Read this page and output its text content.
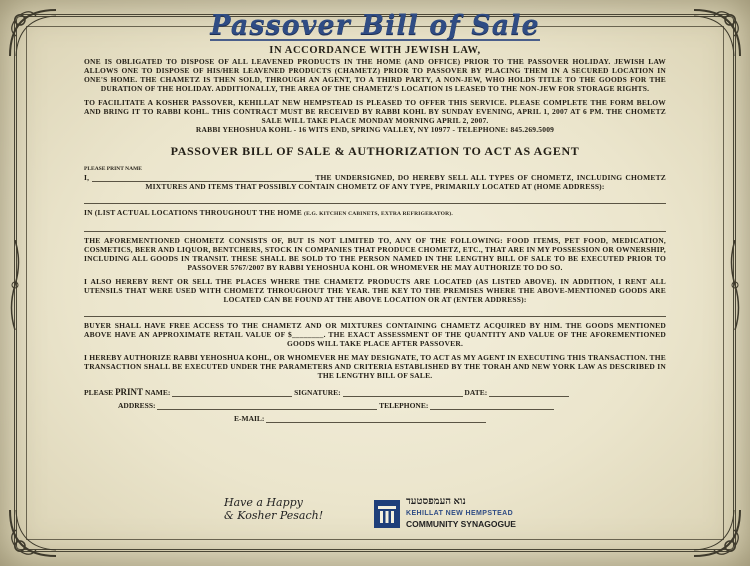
Passover Bill of Sale

IN ACCORDANCE WITH JEWISH LAW,

ONE IS OBLIGATED TO DISPOSE OF ALL LEAVENED PRODUCTS IN THE HOME (AND OFFICE) PRIOR TO THE PASSOVER HOLIDAY. JEWISH LAW ALLOWS ONE TO DISPOSE OF HIS/HER LEAVENED PRODUCTS (CHAMETZ) PRIOR TO PASSOVER BY PLACING THEM IN A SECURED LOCATION IN ONE'S HOME. THE CHAMETZ IS THEN SOLD, THROUGH AN AGENT, TO A THIRD PARTY, A NON-JEW, WHO HOLDS TITLE TO THE GOODS FOR THE DURATION OF THE HOLIDAY. ADDITIONALLY, THE AREA OF THE CHAMETZ'S LOCATION IS LEASED TO THE NON-JEW FOR STORAGE RIGHTS.

TO FACILITATE A KOSHER PASSOVER, KEHILLAT NEW HEMPSTEAD IS PLEASED TO OFFER THIS SERVICE. PLEASE COMPLETE THE FORM BELOW AND BRING IT TO RABBI KOHL. THIS CONTRACT MUST BE RECEIVED BY RABBI KOHL BY SUNDAY EVENING, APRIL 1, 2007 AT 6 PM. THE CHOMETZ SALE WILL TAKE PLACE MONDAY MORNING APRIL 2, 2007.

RABBI YEHOSHUA KOHL - 16 WITS END, SPRING VALLEY, NY 10977 - TELEPHONE: 845.269.5009

PASSOVER BILL OF SALE & AUTHORIZATION TO ACT AS AGENT

PLEASE PRINT NAME

I,	THE UNDERSIGNED, DO HEREBY SELL ALL TYPES OF CHOMETZ, INCLUDING CHOMETZ MIXTURES AND ITEMS THAT POSSIBLY CONTAIN CHOMETZ OF ANY TYPE, PRIMARILY LOCATED AT (HOME ADDRESS):

IN (LIST ACTUAL LOCATIONS THROUGHOUT THE HOME (E.G. KITCHEN CABINETS, EXTRA REFRIGERATOR).

THE AFOREMENTIONED CHOMETZ CONSISTS OF, BUT IS NOT LIMITED TO, ANY OF THE FOLLOWING: FOOD ITEMS, PET FOOD, MEDICATION, COSMETICS, BEER AND LIQUOR, BENTCHERS, STOCK IN COMPANIES THAT PRODUCE CHOMETZ, ETC., THAT ARE IN MY POSSESSION OR OWNERSHIP, INCLUDING ALL GOODS IN TRANSIT. THESE SHALL BE SOLD TO THE PERSON NAMED IN THE LENGTHY BILL OF SALE TO BE EXECUTED PRIOR TO PASSOVER 5767/2007 BY RABBI YEHOSHUA KOHL OR WHOMEVER HE MAY AUTHORIZE TO DO SO.

I ALSO HEREBY RENT OR SELL THE PLACES WHERE THE CHAMETZ PRODUCTS ARE LOCATED (AS LISTED ABOVE). IN ADDITION, I RENT ALL UTENSILS THAT WERE USED WITH CHOMETZ THROUGHOUT THE YEAR. THE KEY TO THE PREMISES WHERE THE ABOVE-MENTIONED GOODS ARE LOCATED CAN BE FOUND AT THE ABOVE LOCATION OR AT (ENTER ADDRESS):

BUYER SHALL HAVE FREE ACCESS TO THE CHAMETZ AND OR MIXTURES CONTAINING CHAMETZ ACQUIRED BY HIM. THE GOODS MENTIONED ABOVE HAVE AN APPROXIMATE RETAIL VALUE OF $________. THE EXACT ASSESSMENT OF THE QUANTITY AND VALUE OF THE AFOREMENTIONED GOODS WILL TAKE PLACE AFTER PASSOVER.

I HEREBY AUTHORIZE RABBI YEHOSHUA KOHL, OR WHOMEVER HE MAY DESIGNATE, TO ACT AS MY AGENT IN EXECUTING THIS TRANSACTION. THE TRANSACTION SHALL BE EXECUTED UNDER THE PARAMETERS AND CRITERIA ESTABLISHED BY THE TORAH AND NEW YORK LAW AS DESCRIBED IN THE LENGTHY BILL OF SALE.

PLEASE PRINT NAME:	SIGNATURE:	DATE:
ADDRESS:	TELEPHONE:
E-MAIL:
Have a Happy
& Kosher Pesach!
נוא העמפסטעד
KEHILLAT NEW HEMPSTEAD
COMMUNITY SYNAGOGUE
